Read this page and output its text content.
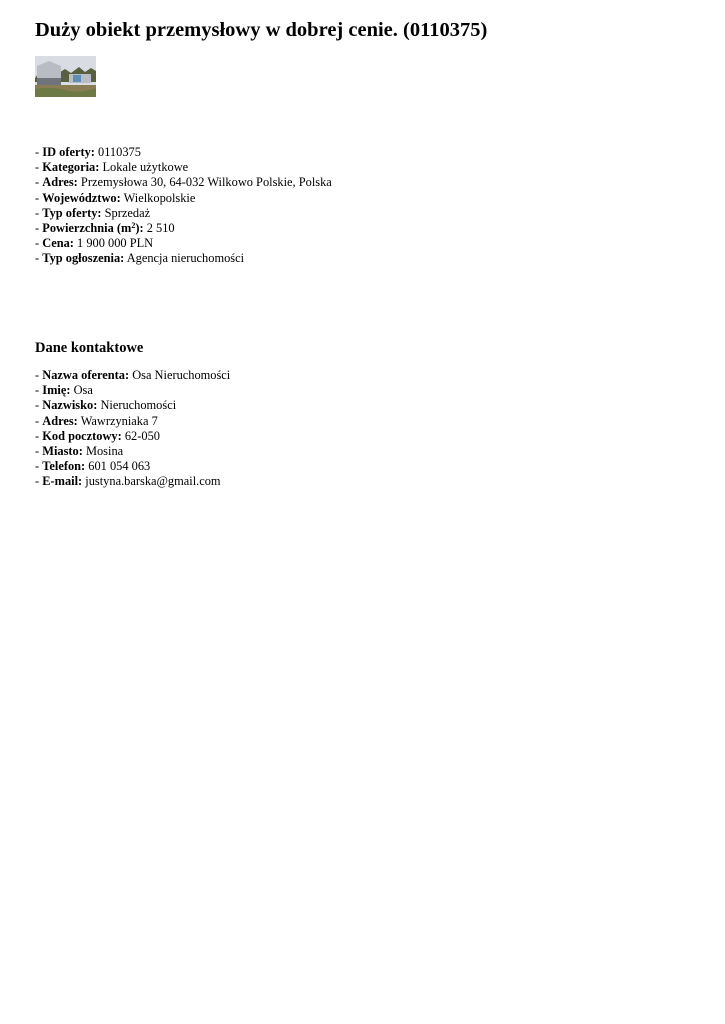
Duży obiekt przemysłowy w dobrej cenie. (0110375)
- ID oferty: 0110375
- Kategoria: Lokale użytkowe
- Adres: Przemysłowa 30, 64-032 Wilkowo Polskie, Polska
- Województwo: Wielkopolskie
- Typ oferty: Sprzedaż
- Powierzchnia $(m^2)$: 2 510
- Cena: 1 900 000 PLN
- Typ ogłoszenia: Agencja nieruchomości
Dane kontaktowe
- Nazwa oferenta: Osa Nieruchomości
- Imię: Osa
- Nazwisko: Nieruchomości
- Adres: Wawrzyniaka 7
- Kod pocztowy: 62-050
- Miasto: Mosina
- Telefon: 601 054 063
- E-mail: justyna.barska@gmail.com
